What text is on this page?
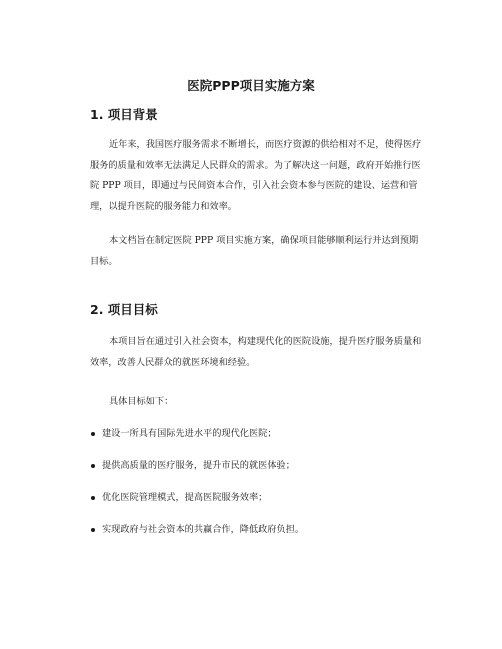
医院PPP项目实施方案
1. 项目背景

近年来，我国医疗服务需求不断增长，而医疗资源的供给相对不足，使得医疗
服务的质量和效率无法满足人民群众的需求。为了解决这一问题，政府开始推行医
院 PPP 项目，即通过与民间资本合作，引入社会资本参与医院的建设、运营和管
理，以提升医院的服务能力和效率。

本文档旨在制定医院 PPP 项目实施方案，确保项目能够顺利运行并达到预期
目标。

2. 项目目标

本项目旨在通过引入社会资本，构建现代化的医院设施，提升医疗服务质量和
效率，改善人民群众的就医环境和经验。

具体目标如下：

建设一所具有国际先进水平的现代化医院；
提供高质量的医疗服务，提升市民的就医体验；
优化医院管理模式，提高医院服务效率；
实现政府与社会资本的共赢合作，降低政府负担。
